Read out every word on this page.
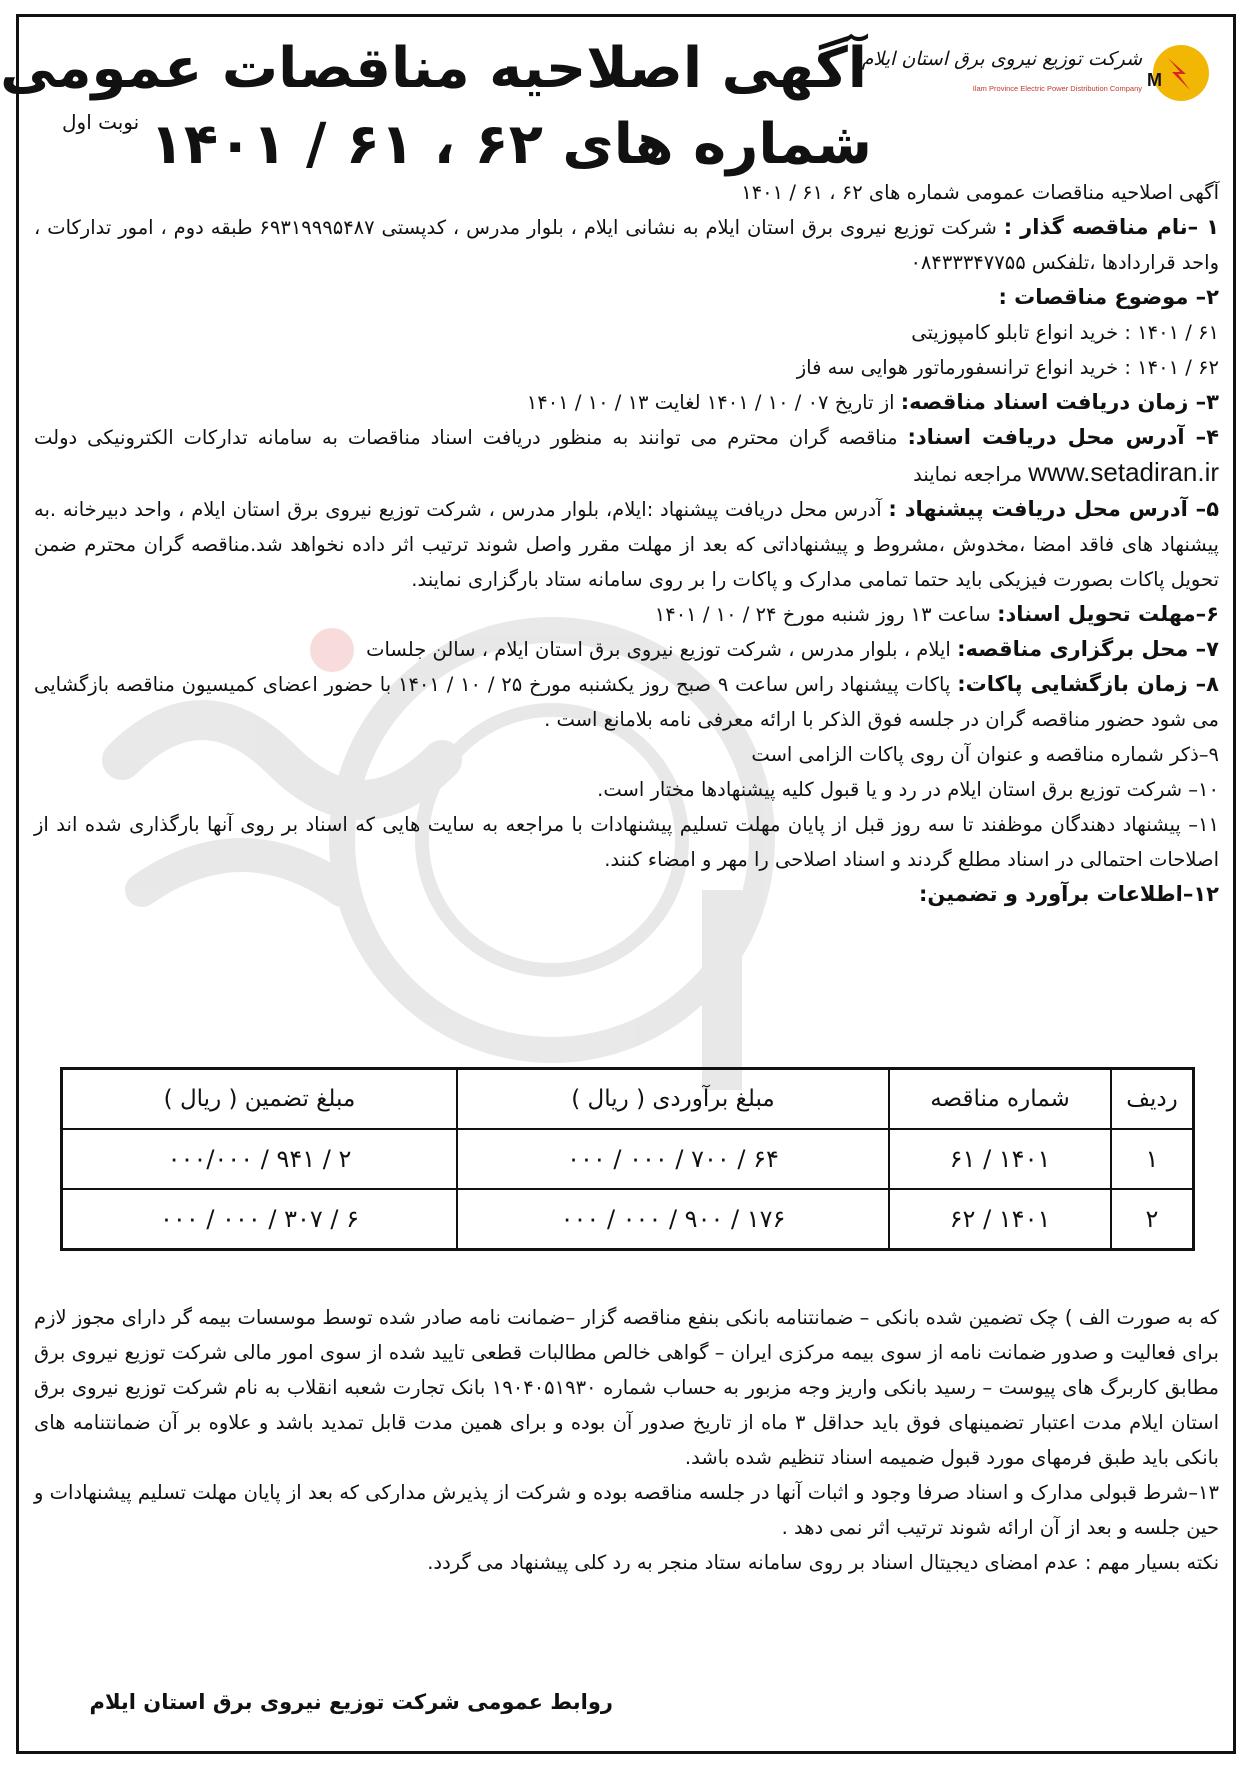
M
شرکت توزیع نیروی برق استان ایلام
Ilam Province Electric Power Distribution Company
آگهی اصلاحیه مناقصات عمومی
شماره های ۶۲ ، ۶۱ / ۱۴۰۱
نوبت اول

آگهی اصلاحیه مناقصات عمومی شماره های ۶۲ ، ۶۱ / ۱۴۰۱

۱ –نام مناقصه گذار : شرکت توزیع نیروی برق استان ایلام به نشانی ایلام ، بلوار مدرس ، کدپستی ۶۹۳۱۹۹۹۵۴۸۷ طبقه دوم ، امور تدارکات ، واحد قراردادها ،تلفکس ۰۸۴۳۳۳۴۷۷۵۵

۲– موضوع مناقصات :

۶۱ / ۱۴۰۱ : خرید انواع تابلو کامپوزیتی

۶۲ / ۱۴۰۱ : خرید انواع ترانسفورماتور هوایی سه فاز

۳– زمان دریافت اسناد مناقصه: از تاریخ ۰۷ / ۱۰ / ۱۴۰۱ لغایت ۱۳ / ۱۰ / ۱۴۰۱

۴– آدرس محل دریافت اسناد: مناقصه گران محترم می توانند به منظور دریافت اسناد مناقصات به سامانه تدارکات الکترونیکی دولت www.setadiran.ir مراجعه نمایند

۵– آدرس محل دریافت پیشنهاد : آدرس محل دریافت پیشنهاد :ایلام، بلوار مدرس ، شرکت توزیع نیروی برق استان ایلام ، واحد دبیرخانه .به پیشنهاد های فاقد امضا ،مخدوش ،مشروط و پیشنهاداتی که بعد از مهلت مقرر واصل شوند ترتیب اثر داده نخواهد شد.مناقصه گران محترم ضمن تحویل پاکات بصورت فیزیکی باید حتما تمامی مدارک و پاکات را بر روی سامانه ستاد بارگزاری نمایند.

۶–مهلت تحویل اسناد: ساعت ۱۳ روز شنبه مورخ ۲۴ / ۱۰ / ۱۴۰۱

۷– محل برگزاری مناقصه: ایلام ، بلوار مدرس ، شرکت توزیع نیروی برق استان ایلام ، سالن جلسات

۸– زمان بازگشایی پاکات: پاکات پیشنهاد راس ساعت ۹ صبح روز یکشنبه مورخ ۲۵ / ۱۰ / ۱۴۰۱ با حضور اعضای کمیسیون مناقصه بازگشایی می شود حضور مناقصه گران در جلسه فوق الذکر با ارائه معرفی نامه بلامانع است .

۹–ذکر شماره مناقصه و عنوان آن روی پاکات الزامی است

۱۰– شرکت توزیع برق استان ایلام در رد و یا قبول کلیه پیشنهادها مختار است.

۱۱– پیشنهاد دهندگان موظفند تا سه روز قبل از پایان مهلت تسلیم پیشنهادات با مراجعه به سایت هایی که اسناد بر روی آنها بارگذاری شده اند از اصلاحات احتمالی در اسناد مطلع گردند و اسناد اصلاحی را مهر و امضاء کنند.

۱۲–اطلاعات برآورد و تضمین:

ردیف	شماره مناقصه	مبلغ برآوردی ( ریال )	مبلغ تضمین ( ریال )
۱	۱۴۰۱ / ۶۱	۶۴ / ۷۰۰ / ۰۰۰ / ۰۰۰	۲ / ۹۴۱ / ۰۰۰/۰۰۰
۲	۱۴۰۱ / ۶۲	۱۷۶ / ۹۰۰ / ۰۰۰ / ۰۰۰	۶ / ۳۰۷ / ۰۰۰ / ۰۰۰

که به صورت الف ) چک تضمین شده بانکی – ضمانتنامه بانکی بنفع مناقصه گزار –ضمانت نامه صادر شده توسط موسسات بیمه گر دارای مجوز لازم برای فعالیت و صدور ضمانت نامه از سوی بیمه مرکزی ایران – گواهی خالص مطالبات قطعی تایید شده از سوی امور مالی شرکت توزیع نیروی برق مطابق کاربرگ های پیوست – رسید بانکی واریز وجه مزبور به حساب شماره ۱۹۰۴۰۵۱۹۳۰ بانک تجارت شعبه انقلاب به نام شرکت توزیع نیروی برق استان ایلام مدت اعتبار تضمینهای فوق باید حداقل ۳ ماه از تاریخ صدور آن بوده و برای همین مدت قابل تمدید باشد و علاوه بر آن ضمانتنامه های بانکی باید طبق فرمهای مورد قبول ضمیمه اسناد تنظیم شده باشد.

۱۳–شرط قبولی مدارک و اسناد صرفا وجود و اثبات آنها در جلسه مناقصه بوده و شرکت از پذیرش مدارکی که بعد از پایان مهلت تسلیم پیشنهادات و حین جلسه و بعد از آن ارائه شوند ترتیب اثر نمی دهد .

نکته بسیار مهم : عدم امضای دیجیتال اسناد بر روی سامانه ستاد منجر به رد کلی پیشنهاد می گردد.

روابط عمومی شرکت توزیع نیروی برق استان ایلام
